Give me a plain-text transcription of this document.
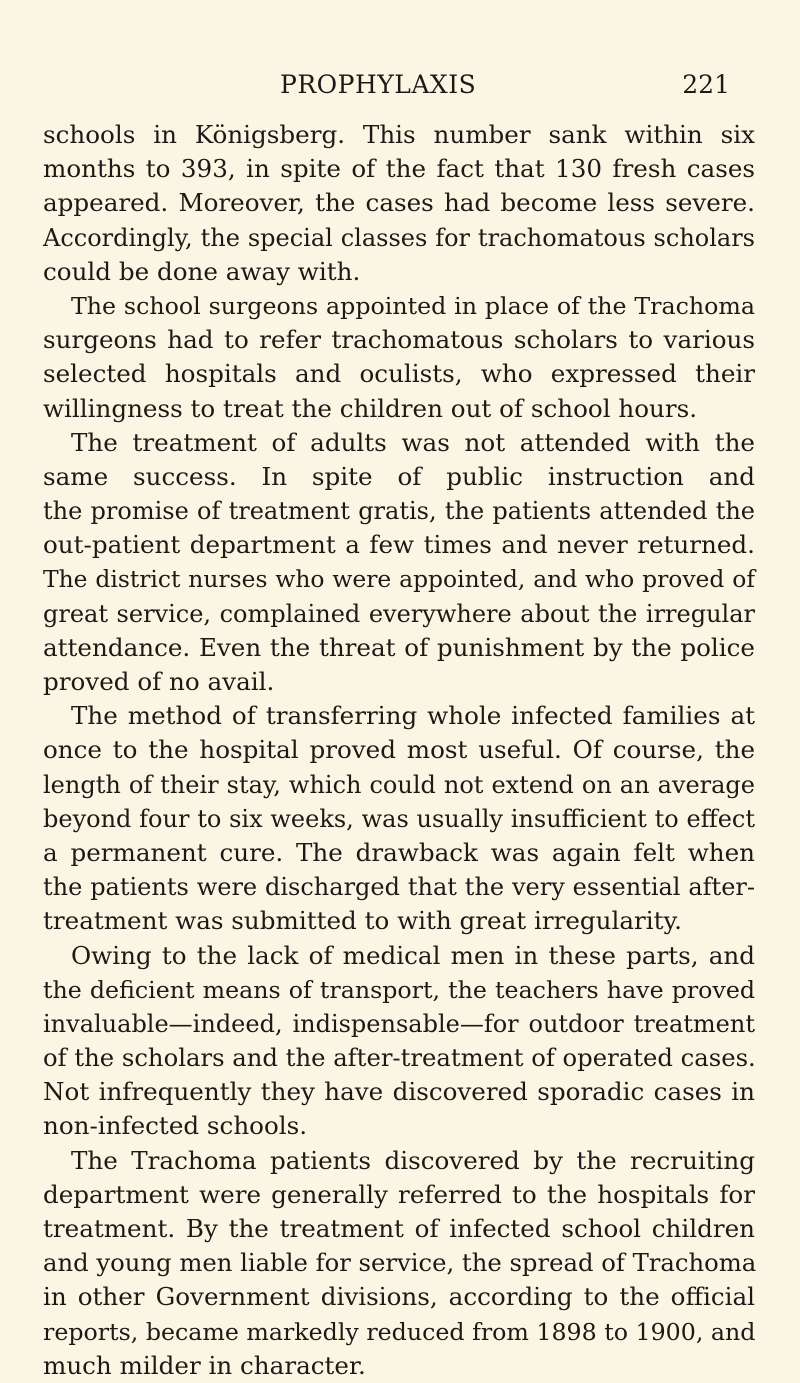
PROPHYLAXIS	221
schools in Königsberg. This number sank within six
months to 393, in spite of the fact that 130 fresh cases
appeared. Moreover, the cases had become less severe.
Accordingly, the special classes for trachomatous scholars
could be done away with.
The school surgeons appointed in place of the Trachoma
surgeons had to refer trachomatous scholars to various
selected hospitals and oculists, who expressed their
willingness to treat the children out of school hours.
The treatment of adults was not attended with the
same success. In spite of public instruction and
the promise of treatment gratis, the patients attended the
out-patient department a few times and never returned.
The district nurses who were appointed, and who proved of
great service, complained everywhere about the irregular
attendance. Even the threat of punishment by the police
proved of no avail.
The method of transferring whole infected families at
once to the hospital proved most useful. Of course, the
length of their stay, which could not extend on an average
beyond four to six weeks, was usually insufficient to effect
a permanent cure. The drawback was again felt when
the patients were discharged that the very essential after-
treatment was submitted to with great irregularity.
Owing to the lack of medical men in these parts, and
the deficient means of transport, the teachers have proved
invaluable—indeed, indispensable—for outdoor treatment
of the scholars and the after-treatment of operated cases.
Not infrequently they have discovered sporadic cases in
non-infected schools.
The Trachoma patients discovered by the recruiting
department were generally referred to the hospitals for
treatment. By the treatment of infected school children
and young men liable for service, the spread of Trachoma
in other Government divisions, according to the official
reports, became markedly reduced from 1898 to 1900, and
much milder in character.
